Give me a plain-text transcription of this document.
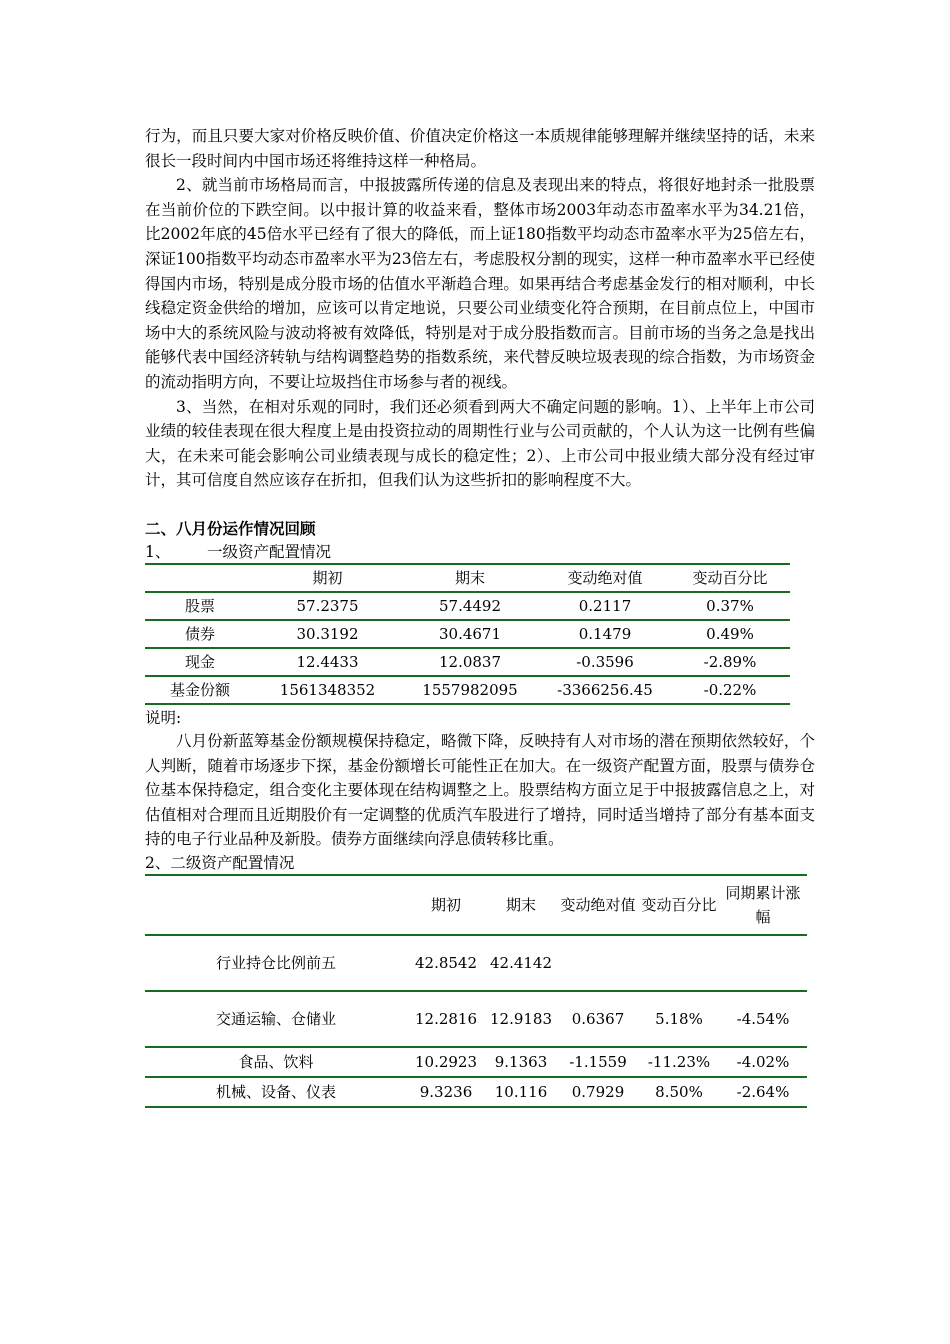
行为，而且只要大家对价格反映价值、价值决定价格这一本质规律能够理解并继续坚持的话，未来很长一段时间内中国市场还将维持这样一种格局。

2、就当前市场格局而言，中报披露所传递的信息及表现出来的特点，将很好地封杀一批股票在当前价位的下跌空间。以中报计算的收益来看，整体市场2003年动态市盈率水平为34.21倍，比2002年底的45倍水平已经有了很大的降低，而上证180指数平均动态市盈率水平为25倍左右，深证100指数平均动态市盈率水平为23倍左右，考虑股权分割的现实，这样一种市盈率水平已经使得国内市场，特别是成分股市场的估值水平渐趋合理。如果再结合考虑基金发行的相对顺利，中长线稳定资金供给的增加，应该可以肯定地说，只要公司业绩变化符合预期，在目前点位上，中国市场中大的系统风险与波动将被有效降低，特别是对于成分股指数而言。目前市场的当务之急是找出能够代表中国经济转轨与结构调整趋势的指数系统，来代替反映垃圾表现的综合指数，为市场资金的流动指明方向，不要让垃圾挡住市场参与者的视线。

3、当然，在相对乐观的同时，我们还必须看到两大不确定问题的影响。1）、上半年上市公司业绩的较佳表现在很大程度上是由投资拉动的周期性行业与公司贡献的，个人认为这一比例有些偏大，在未来可能会影响公司业绩表现与成长的稳定性；2）、上市公司中报业绩大部分没有经过审计，其可信度自然应该存在折扣，但我们认为这些折扣的影响程度不大。

二、八月份运作情况回顾

1、 一级资产配置情况

	期初	期末	变动绝对值	变动百分比
股票	57.2375	57.4492	0.2117	0.37%
债券	30.3192	30.4671	0.1479	0.49%
现金	12.4433	12.0837	-0.3596	-2.89%
基金份额	1561348352	1557982095	-3366256.45	-0.22%

说明:

八月份新蓝筹基金份额规模保持稳定，略微下降，反映持有人对市场的潜在预期依然较好，个人判断，随着市场逐步下探，基金份额增长可能性正在加大。在一级资产配置方面，股票与债券仓位基本保持稳定，组合变化主要体现在结构调整之上。股票结构方面立足于中报披露信息之上，对估值相对合理而且近期股价有一定调整的优质汽车股进行了增持，同时适当增持了部分有基本面支持的电子行业品种及新股。债券方面继续向浮息债转移比重。

2、二级资产配置情况

	期初	期末	变动绝对值	变动百分比	同期累计涨幅
行业持仓比例前五	42.8542	42.4142			
交通运输、仓储业	12.2816	12.9183	0.6367	5.18%	-4.54%
食品、饮料	10.2923	9.1363	-1.1559	-11.23%	-4.02%
机械、设备、仪表	9.3236	10.116	0.7929	8.50%	-2.64%
